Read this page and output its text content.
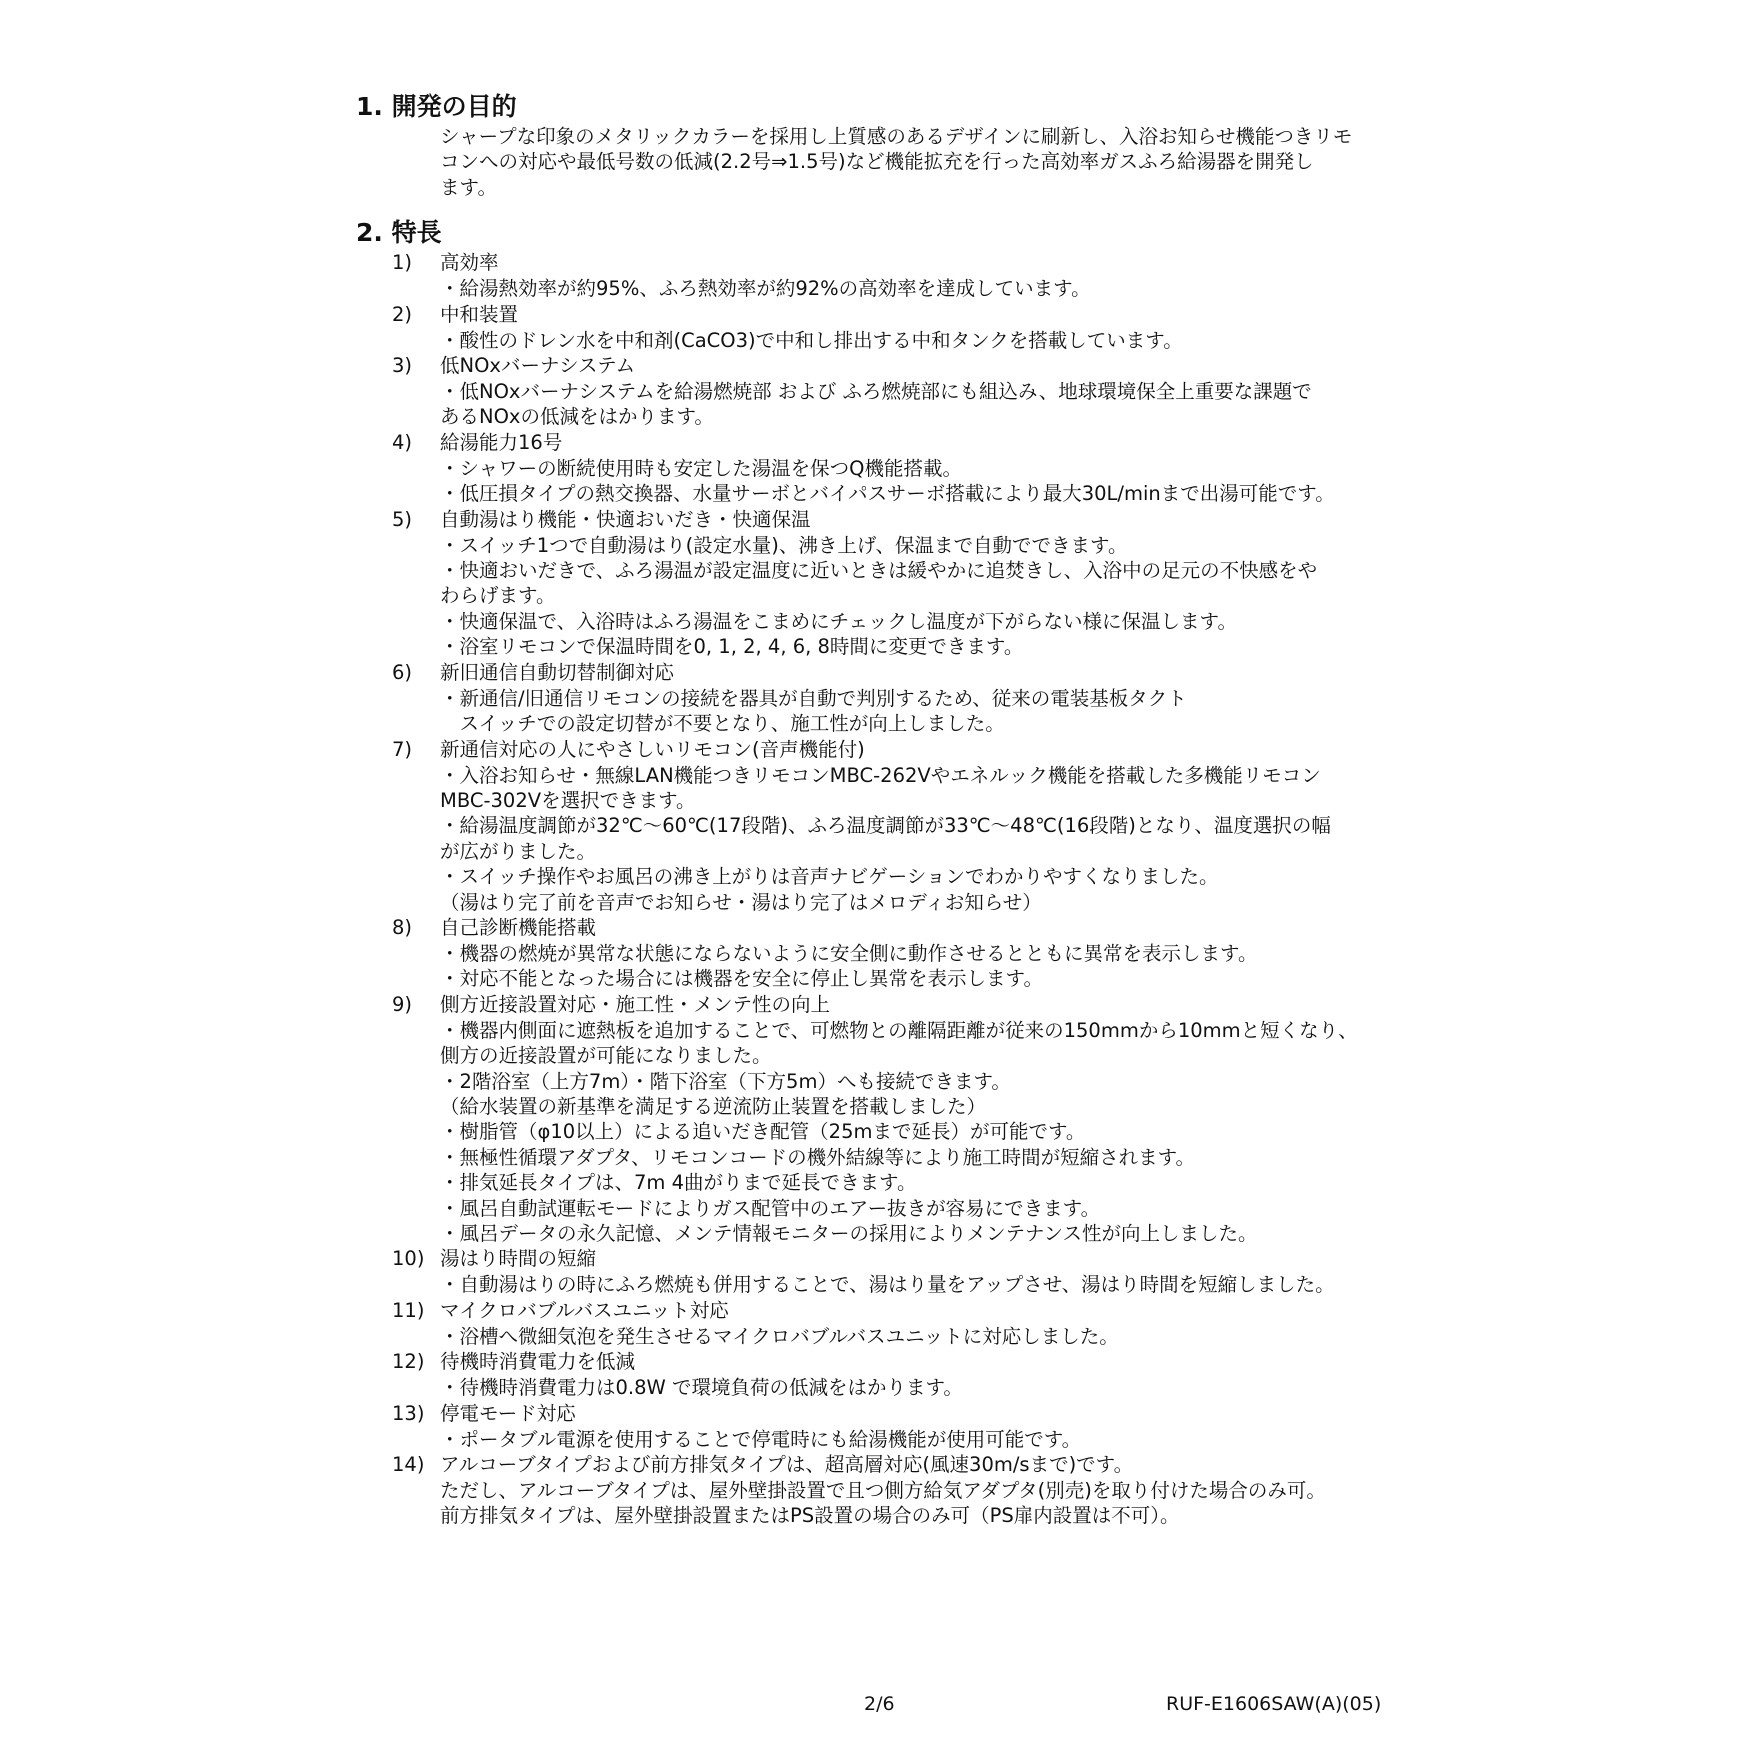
1. 開発の目的

シャープな印象のメタリックカラーを採用し上質感のあるデザインに刷新し、入浴お知らせ機能つきリモ

コンへの対応や最低号数の低減(2.2号⇒1.5号)など機能拡充を行った高効率ガスふろ給湯器を開発し

ます。

2. 特長
1) 高効率

・給湯熱効率が約95%、ふろ熱効率が約92%の高効率を達成しています。

2) 中和装置

・酸性のドレン水を中和剤(CaCO3)で中和し排出する中和タンクを搭載しています。

3) 低NOxバーナシステム

・低NOxバーナシステムを給湯燃焼部 および ふろ燃焼部にも組込み、地球環境保全上重要な課題で

あるNOxの低減をはかります。

4) 給湯能力16号

・シャワーの断続使用時も安定した湯温を保つQ機能搭載。

・低圧損タイプの熱交換器、水量サーボとバイパスサーボ搭載により最大30L/minまで出湯可能です。

5) 自動湯はり機能・快適おいだき・快適保温

・スイッチ1つで自動湯はり(設定水量)、沸き上げ、保温まで自動でできます。

・快適おいだきで、ふろ湯温が設定温度に近いときは緩やかに追焚きし、入浴中の足元の不快感をや

わらげます。

・快適保温で、入浴時はふろ湯温をこまめにチェックし温度が下がらない様に保温します。

・浴室リモコンで保温時間を0, 1, 2, 4, 6, 8時間に変更できます。

6) 新旧通信自動切替制御対応

・新通信/旧通信リモコンの接続を器具が自動で判別するため、従来の電装基板タクト

　スイッチでの設定切替が不要となり、施工性が向上しました。

7) 新通信対応の人にやさしいリモコン(音声機能付)

・入浴お知らせ・無線LAN機能つきリモコンMBC-262Vやエネルック機能を搭載した多機能リモコン

MBC-302Vを選択できます。

・給湯温度調節が32℃～60℃(17段階)、ふろ温度調節が33℃～48℃(16段階)となり、温度選択の幅

が広がりました。

・スイッチ操作やお風呂の沸き上がりは音声ナビゲーションでわかりやすくなりました。

（湯はり完了前を音声でお知らせ・湯はり完了はメロディお知らせ）

8) 自己診断機能搭載

・機器の燃焼が異常な状態にならないように安全側に動作させるとともに異常を表示します。

・対応不能となった場合には機器を安全に停止し異常を表示します。

9) 側方近接設置対応・施工性・メンテ性の向上

・機器内側面に遮熱板を追加することで、可燃物との離隔距離が従来の150mmから10mmと短くなり、

側方の近接設置が可能になりました。

・2階浴室（上方7m）・階下浴室（下方5m）へも接続できます。

（給水装置の新基準を満足する逆流防止装置を搭載しました）

・樹脂管（φ10以上）による追いだき配管（25mまで延長）が可能です。

・無極性循環アダプタ、リモコンコードの機外結線等により施工時間が短縮されます。

・排気延長タイプは、7m 4曲がりまで延長できます。

・風呂自動試運転モードによりガス配管中のエアー抜きが容易にできます。

・風呂データの永久記憶、メンテ情報モニターの採用によりメンテナンス性が向上しました。

10) 湯はり時間の短縮

・自動湯はりの時にふろ燃焼も併用することで、湯はり量をアップさせ、湯はり時間を短縮しました。

11) マイクロバブルバスユニット対応

・浴槽へ微細気泡を発生させるマイクロバブルバスユニットに対応しました。

12) 待機時消費電力を低減

・待機時消費電力は0.8W で環境負荷の低減をはかります。

13) 停電モード対応

・ポータブル電源を使用することで停電時にも給湯機能が使用可能です。

14) アルコーブタイプおよび前方排気タイプは、超高層対応(風速30m/sまで)です。

ただし、アルコーブタイプは、屋外壁掛設置で且つ側方給気アダプタ(別売)を取り付けた場合のみ可。

前方排気タイプは、屋外壁掛設置またはPS設置の場合のみ可（PS扉内設置は不可）。

2/6	RUF-E1606SAW(A)(05)
